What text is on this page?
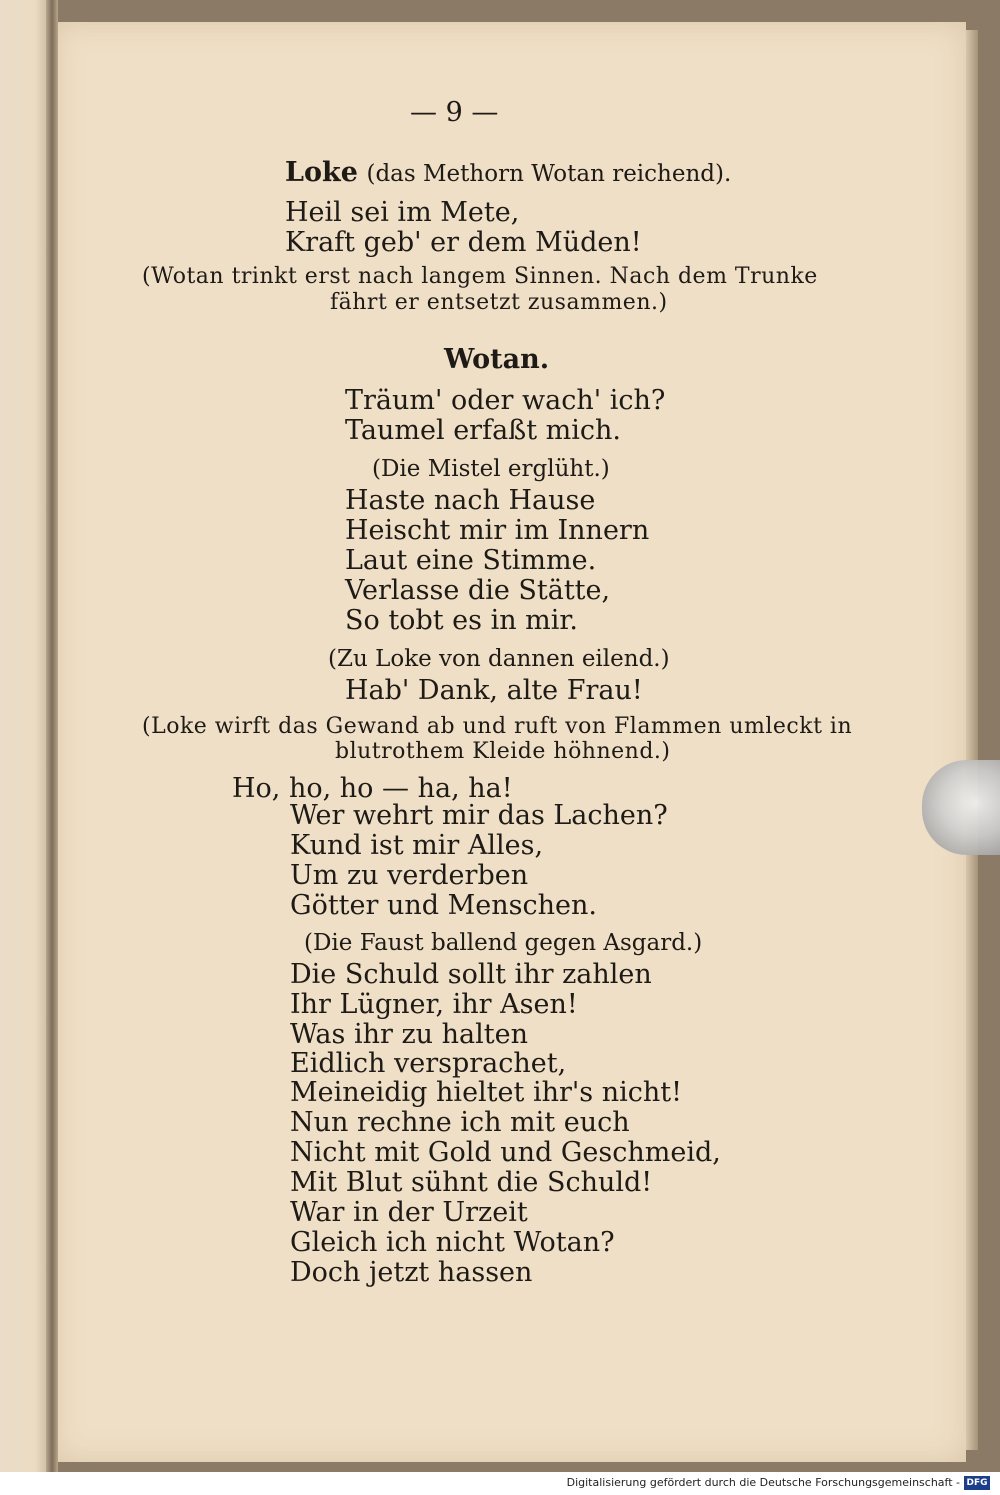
— 9 —
Loke (das Methorn Wotan reichend).
Heil sei im Mete,
Kraft geb' er dem Müden!
(Wotan trinkt erst nach langem Sinnen. Nach dem Trunke
fährt er entsetzt zusammen.)
Wotan.
Träum' oder wach' ich?
Taumel erfaßt mich.
(Die Mistel erglüht.)
Haste nach Hause
Heischt mir im Innern
Laut eine Stimme.
Verlasse die Stätte,
So tobt es in mir.
(Zu Loke von dannen eilend.)
Hab' Dank, alte Frau!
(Loke wirft das Gewand ab und ruft von Flammen umleckt in
blutrothem Kleide höhnend.)
Ho, ho, ho — ha, ha!
Wer wehrt mir das Lachen?
Kund ist mir Alles,
Um zu verderben
Götter und Menschen.
(Die Faust ballend gegen Asgard.)
Die Schuld sollt ihr zahlen
Ihr Lügner, ihr Asen!
Was ihr zu halten
Eidlich versprachet,
Meineidig hieltet ihr's nicht!
Nun rechne ich mit euch
Nicht mit Gold und Geschmeid,
Mit Blut sühnt die Schuld!
War in der Urzeit
Gleich ich nicht Wotan?
Doch jetzt hassen
Digitalisierung gefördert durch die Deutsche Forschungsgemeinschaft - DFG
